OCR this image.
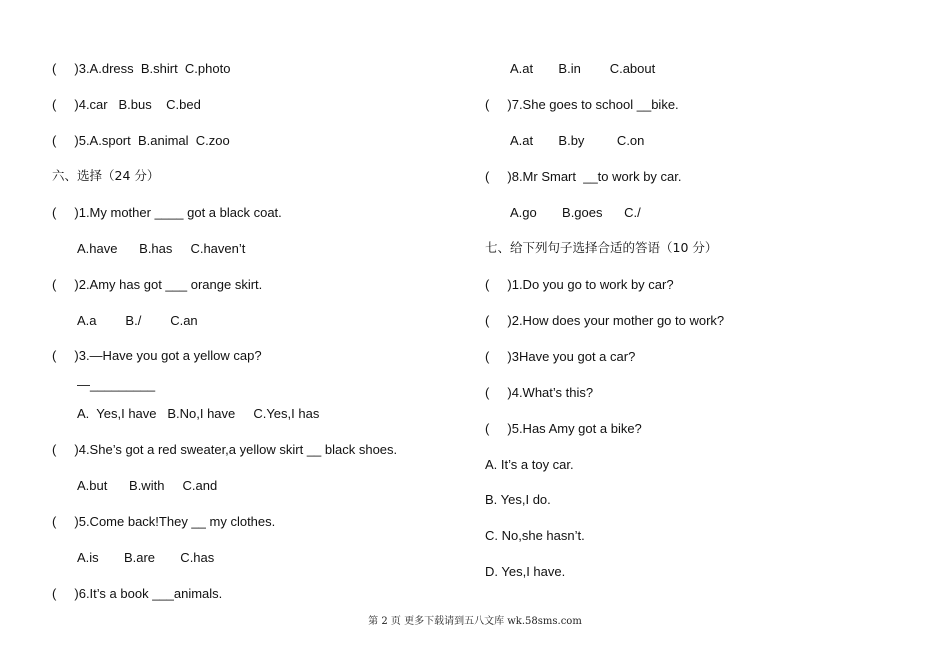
(     )3.A.dress  B.shirt  C.photo
(     )4.car   B.bus    C.bed
(     )5.A.sport  B.animal  C.zoo
六、选择（24 分）
(     )1.My mother ____ got a black coat.
A.have      B.has     C.haven’t
(     )2.Amy has got ___ orange skirt.
A.a        B./        C.an
(     )3.—Have you got a yellow cap?
—_________
A.  Yes,I have   B.No,I have     C.Yes,I has
(     )4.She’s got a red sweater,a yellow skirt __ black shoes.
A.but      B.with     C.and
(     )5.Come back!They __ my clothes.
A.is       B.are       C.has
(     )6.It’s a book ___animals.
A.at       B.in        C.about
(     )7.She goes to school __bike.
A.at       B.by         C.on
(     )8.Mr Smart  __to work by car.
A.go       B.goes      C./
七、给下列句子选择合适的答语（10 分）
(     )1.Do you go to work by car?
(     )2.How does your mother go to work?
(     )3Have you got a car?
(     )4.What’s this?
(     )5.Has Amy got a bike?
A. It’s a toy car.
B. Yes,I do.
C. No,she hasn’t.
D. Yes,I have.
第 2 页 更多下载请到五八文库 wk.58sms.com
